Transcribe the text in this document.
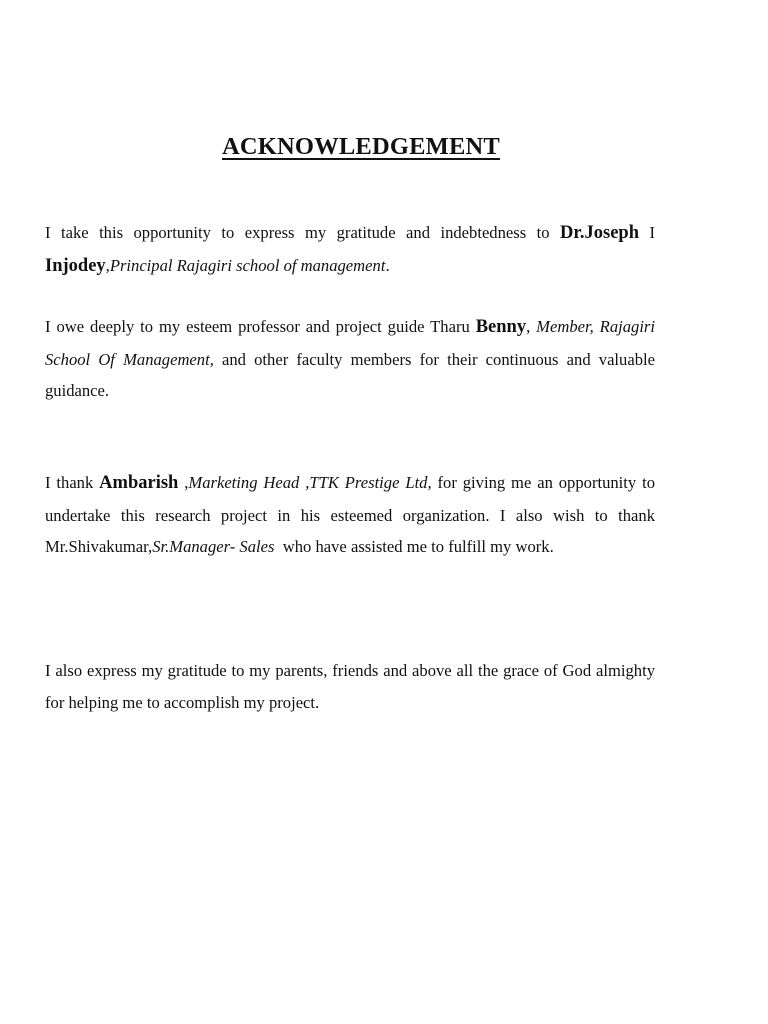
ACKNOWLEDGEMENT

I take this opportunity to express my gratitude and indebtedness to Dr.Joseph I Injodey,Principal Rajagiri school of management.

I owe deeply to my esteem professor and project guide Tharu Benny, Member, Rajagiri School Of Management, and other faculty members for their continuous and valuable guidance.

I thank Ambarish ,Marketing Head ,TTK Prestige Ltd, for giving me an opportunity to undertake this research project in his esteemed organization. I also wish to thank Mr.Shivakumar,Sr.Manager- Sales  who have assisted me to fulfill my work.

I also express my gratitude to my parents, friends and above all the grace of God almighty for helping me to accomplish my project.
